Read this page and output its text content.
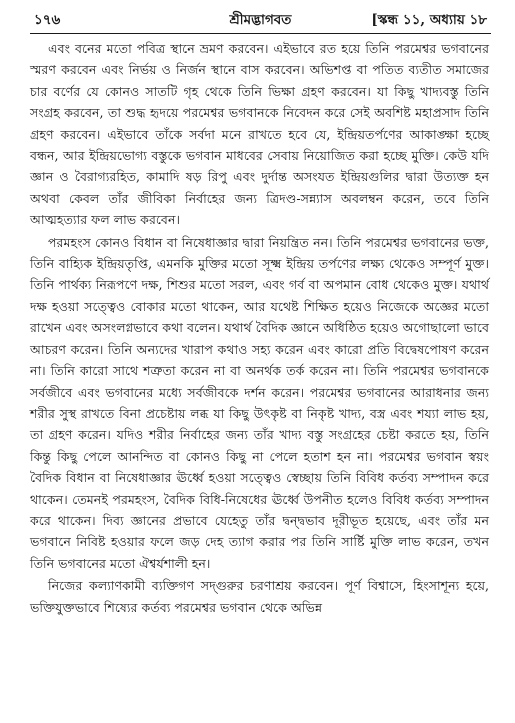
১৭৬	শ্রীমদ্ভাগবত	[স্কন্ধ ১১, অধ্যায় ১৮

এবং বনের মতো পবিত্র স্থানে ভ্রমণ করবেন। এইভাবে রত হয়ে তিনি পরমেশ্বর ভগবানের স্মরণ করবেন এবং নির্ভয় ও নির্জন স্থানে বাস করবেন। অভিশপ্ত বা পতিত ব্যতীত সমাজের চার বর্ণের যে কোনও সাতটি গৃহ থেকে তিনি ভিক্ষা গ্রহণ করবেন। যা কিছু খাদ্যবস্তু তিনি সংগ্রহ করবেন, তা শুদ্ধ হৃদয়ে পরমেশ্বর ভগবানকে নিবেদন করে সেই অবশিষ্ট মহাপ্রসাদ তিনি গ্রহণ করবেন। এইভাবে তাঁকে সর্বদা মনে রাখতে হবে যে, ইন্দ্রিয়তর্পণের আকাঙ্ক্ষা হচ্ছে বন্ধন, আর ইন্দ্রিয়ভোগ্য বস্তুকে ভগবান মাধবের সেবায় নিয়োজিত করা হচ্ছে মুক্তি। কেউ যদি জ্ঞান ও বৈরাগ্যরহিত, কামাদি ষড় রিপু এবং দুর্দান্ত অসংযত ইন্দ্রিয়গুলির দ্বারা উত্যক্ত হন অথবা কেবল তাঁর জীবিকা নির্বাহের জন্য ত্রিদণ্ড-সন্ন্যাস অবলম্বন করেন, তবে তিনি আত্মহত্যার ফল লাভ করবেন।

পরমহংস কোনও বিধান বা নিষেধাজ্ঞার দ্বারা নিয়ন্ত্রিত নন। তিনি পরমেশ্বর ভগবানের ভক্ত, তিনি বাহ্যিক ইন্দ্রিয়তৃপ্তি, এমনকি মুক্তির মতো সূক্ষ্ম ইন্দ্রিয় তর্পণের লক্ষ্য থেকেও সম্পূর্ণ মুক্ত। তিনি পার্থক্য নিরূপণে দক্ষ, শিশুর মতো সরল, এবং গর্ব বা অপমান বোধ থেকেও মুক্ত। যথার্থ দক্ষ হওয়া সত্ত্বেও বোকার মতো থাকেন, আর যথেষ্ট শিক্ষিত হয়েও নিজেকে অজ্ঞের মতো রাখেন এবং অসংলগ্নভাবে কথা বলেন। যথার্থ বৈদিক জ্ঞানে অধিষ্ঠিত হয়েও অগোছালো ভাবে আচরণ করেন। তিনি অন্যদের খারাপ কথাও সহ্য করেন এবং কারো প্রতি বিদ্বেষপোষণ করেন না। তিনি কারো সাথে শত্রুতা করেন না বা অনর্থক তর্ক করেন না। তিনি পরমেশ্বর ভগবানকে সর্বজীবে এবং ভগবানের মধ্যে সর্বজীবকে দর্শন করেন। পরমেশ্বর ভগবানের আরাধনার জন্য শরীর সুস্থ রাখতে বিনা প্রচেষ্টায় লব্ধ যা কিছু উৎকৃষ্ট বা নিকৃষ্ট খাদ্য, বস্ত্র এবং শয্যা লাভ হয়, তা গ্রহণ করেন। যদিও শরীর নির্বাহের জন্য তাঁর খাদ্য বস্তু সংগ্রহের চেষ্টা করতে হয়, তিনি কিন্তু কিছু পেলে আনন্দিত বা কোনও কিছু না পেলে হতাশ হন না। পরমেশ্বর ভগবান স্বয়ং বৈদিক বিধান বা নিষেধাজ্ঞার ঊর্ধ্বে হওয়া সত্ত্বেও স্বেচ্ছায় তিনি বিবিধ কর্তব্য সম্পাদন করে থাকেন। তেমনই পরমহংস, বৈদিক বিধি-নিষেধের ঊর্ধ্বে উপনীত হলেও বিবিধ কর্তব্য সম্পাদন করে থাকেন। দিব্য জ্ঞানের প্রভাবে যেহেতু তাঁর দ্বন্দ্বভাব দূরীভূত হয়েছে, এবং তাঁর মন ভগবানে নিবিষ্ট হওয়ার ফলে জড় দেহ ত্যাগ করার পর তিনি সার্ষ্টি মুক্তি লাভ করেন, তখন তিনি ভগবানের মতো ঐশ্বর্যশালী হন।

নিজের কল্যাণকামী ব্যক্তিগণ সদ্গুরুর চরণাশ্রয় করবেন। পূর্ণ বিশ্বাসে, হিংসাশূন্য হয়ে, ভক্তিযুক্তভাবে শিষ্যের কর্তব্য পরমেশ্বর ভগবান থেকে অভিন্ন
